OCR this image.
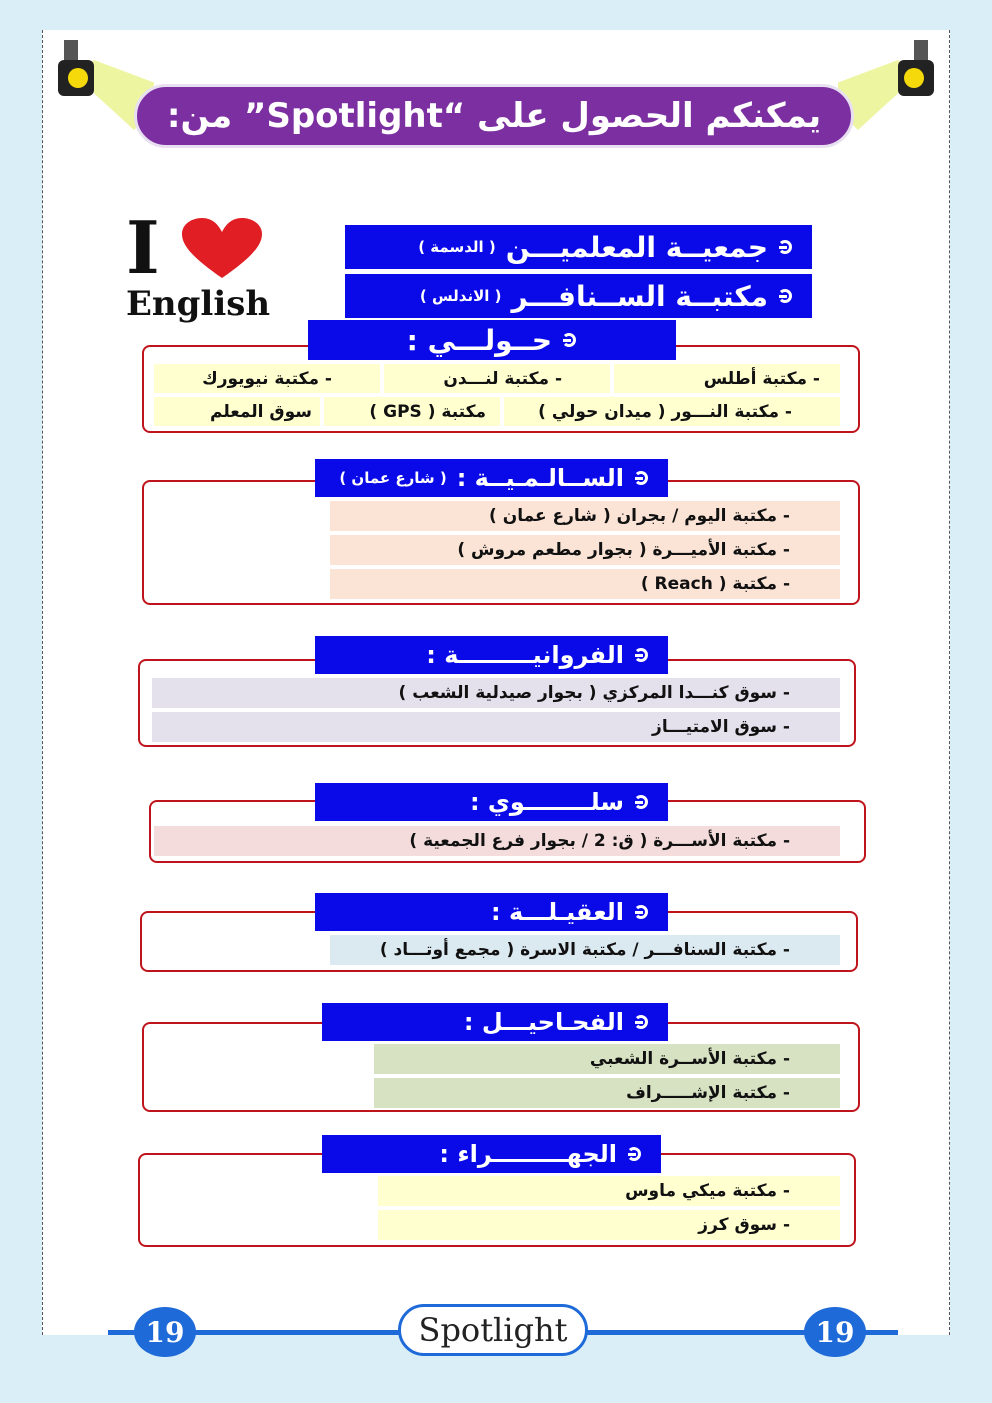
يمكنكم الحصول على “Spotlight” من:
I
English
جمعيــة المعلميـــن
( الدسمة )
مكتبــة الســنافـــر
( الاندلس )
حــولـــي :
- مكتبة أطلس
- مكتبة لنـــدن
- مكتبة نيويورك
- مكتبة النـــور ( ميدان حولي )
مكتبة ( GPS )
سوق المعلم
الســالـمـيــة :
( شارع عمان )
- مكتبة اليوم / بجران ( شارع عمان )
- مكتبة الأميـــرة ( بجوار مطعم مروش )
- مكتبة ( Reach )
الفروانيـــــــــة :
- سوق كنـــدا المركزي ( بجوار صيدلية الشعب )
- سوق الامتيـــاز
سلــــــــوي :
- مكتبة الأســـرة ( ق: 2 / بجوار فرع الجمعية )
العقيـلـــة :
- مكتبة السنافـــر / مكتبة الاسرة ( مجمع أوتـــاد )
الفحـاحيـــل :
- مكتبة الأســرة الشعبي
- مكتبة الإشـــــراف
الجهـــــــــراء :
- مكتبة ميكي ماوس
- سوق كرز
19	19
Spotlight
